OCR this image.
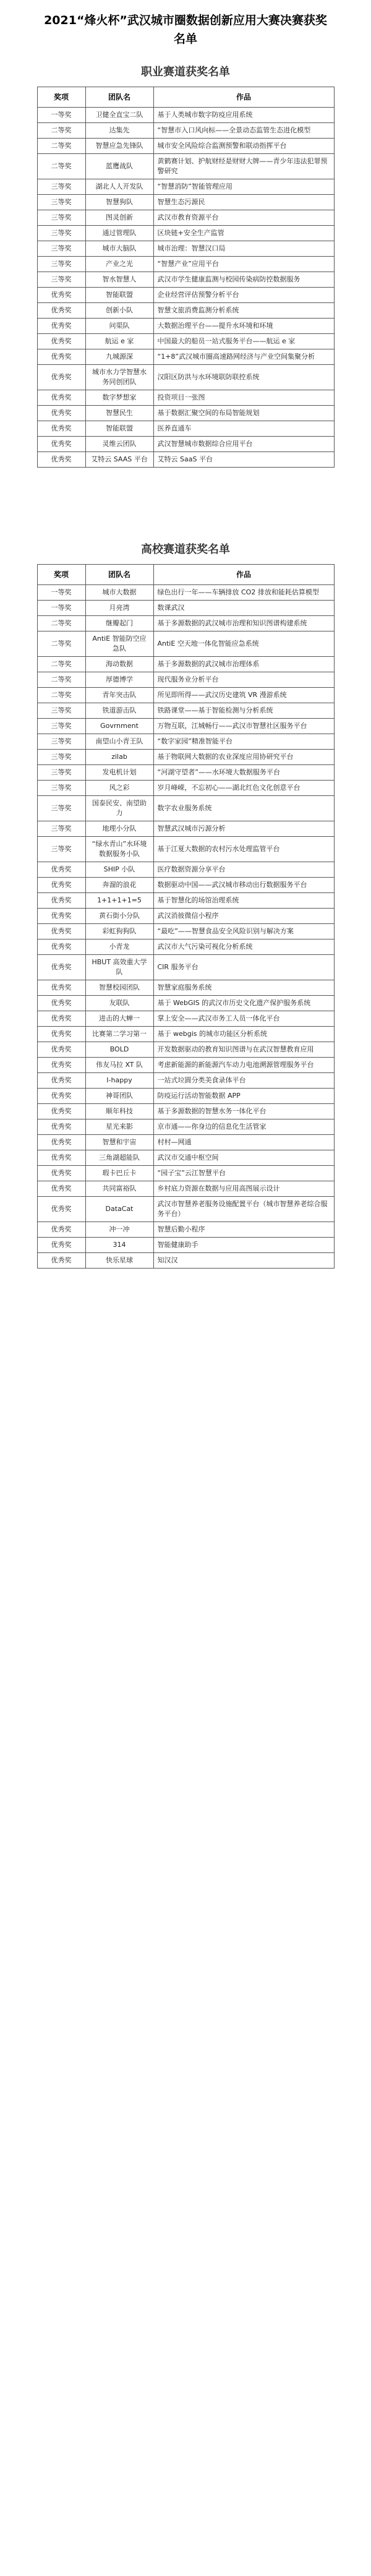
2021“烽火杯”武汉城市圈数据创新应用大赛决赛获奖名单
职业赛道获奖名单
奖项	团队名	作品
一等奖	卫健全直宝二队	基于人类城市数字防疫应用系统
二等奖	达集先	“智慧市入口风向标——全景动态监管生态进化模型
二等奖	智慧应急先锋队	城市安全风险综合监测预警和联动指挥平台
二等奖	蓝鹰战队	黄鹤赛计划、护航财经是财财大牌——青少年违法犯罪预警研究
三等奖	湖北人人开发队	“智慧消防”智能管理应用
三等奖	智慧狗队	智慧生态污源民
三等奖	图灵创新	武汉市教育资源平台
三等奖	通过管理队	区块链+安全生产监管
三等奖	城市大脑队	城市治理：智慧汉口局
三等奖	产业之光	“智慧产业”应用平台
三等奖	智水智慧人	武汉市学生健康监测与校园传染病防控数据服务
优秀奖	智能联盟	企业经营评估预警分析平台
优秀奖	创新小队	智慧文旅消费监测分析系统
优秀奖	问渠队	大数据治理平台——提升水环境和环境
优秀奖	航运 e 家	中国最大的船员一站式服务平台——航运 e 家
优秀奖	九城源深	“1+8”武汉城市圈高速路网经济与产业空间集聚分析
优秀奖	城市水力学智慧水务同创团队	汉阳区防洪与水环境联防联控系统
优秀奖	数字梦想家	投资项目一张图
优秀奖	智慧民生	基于数据汇聚空间的布局智能规划
优秀奖	智能联盟	医养直通车
优秀奖	灵维云团队	武汉智慧城市数据综合应用平台
优秀奖	艾特云 SAAS 平台	艾特云 SaaS 平台
高校赛道获奖名单
奖项	团队名	作品
一等奖	城市大数据	绿色出行一年——车辆排放 CO2 排放和能耗估算模型
一等奖	月亮湾	数课武汉
二等奖	继瓣起门	基于多源数据的武汉城市治理和知识图谱构建系统
二等奖	AntiE 智能防空应急队	AntiE 空天地一体化智能应急系统
二等奖	海动数据	基于多源数据的武汉城市治理体系
二等奖	厚德博学	现代服务业分析平台
二等奖	青年突击队	所见即所得——武汉历史建筑 VR 漫游系统
三等奖	铁道游击队	铁路课堂——基于智能检测与分析系统
三等奖	Govrnment	万物互联，江城畅行——武汉市智慧社区服务平台
三等奖	南望山小青王队	“数字家园”精准智能平台
三等奖	zilab	基于物联网大数据的农业深度应用协研究平台
三等奖	发电机计划	“河湖守望者”——水环境大数据服务平台
三等奖	风之彩	岁月峰嵘，不忘初心——湖北红色文化创意平台
三等奖	国泰民安、南望助力	数字农业服务系统
三等奖	地理小分队	智慧武汉城市污源分析
三等奖	“绿水青山”水环境数据服务小队	基于江夏大数据的农村污水处理监管平台
优秀奖	SHIP 小队	医疗数据资源分享平台
优秀奖	奔溜的浪花	数据驱动中国——武汉城市移动出行数据服务平台
优秀奖	1+1+1+1=5	基于智慧化的场馆治理系统
优秀奖	黄石街小分队	武汉消彼微信小程序
优秀奖	彩虹狗狗队	“最吃”——智慧食品安全风险识别与解决方案
优秀奖	小青龙	武汉市大气污染可视化分析系统
优秀奖	HBUT 高效重大学队	CIR 服务平台
优秀奖	智慧校园团队	智慧家庭服务系统
优秀奖	友联队	基于 WebGIS 的武汉市历史文化遗产保护服务系统
优秀奖	进击的大蝉一	掌上安全——武汉市务工人员一体化平台
优秀奖	比赛第二学习第一	基于 webgis 的城市功能区分析系统
优秀奖	BOLD	开发数据驱动的教育知识图谱与在武汉智慧教育应用
优秀奖	伟友马拉 XT 队	考虑新能源的新能源汽车动力电池溯源管理服务平台
优秀奖	I-happy	一站式垃圆分类美食录体平台
优秀奖	神哥团队	防疫运行活动智能数据 APP
优秀奖	顺年科技	基于多源数据的智慧水务一体化平台
优秀奖	星光来影	京市通——你身边的信息化生活管家
优秀奖	智慧和宇宙	村村—网通
优秀奖	三角湖超能队	武汉市交通中枢空间
优秀奖	瑕卡巴丘卡	“园子宝”云江智慧平台
优秀奖	共同富裕队	乡村底力资源在数据与应用高图展示设计
优秀奖	DataCat	武汉市智慧养老服务设施配置平台（城市智慧养老综合服务平台）
优秀奖	冲一冲	智慧后勤小程序
优秀奖	314	智能健康助手
优秀奖	快乐星球	知汉汉
